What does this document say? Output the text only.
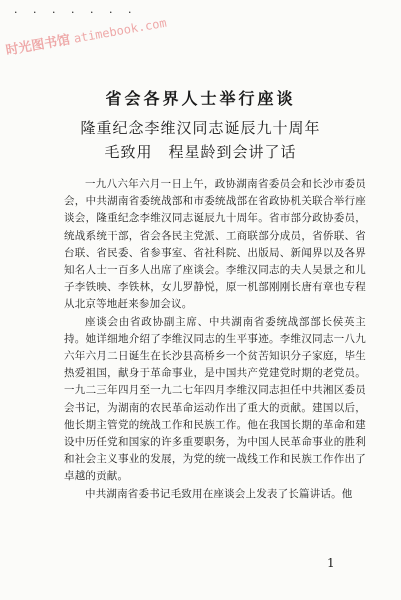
· · · · · · ·
时光图书馆atimebook.com
省会各界人士举行座谈
隆重纪念李维汉同志诞辰九十周年
毛致用　程星龄到会讲了话

一九八六年六月一日上午，政协湖南省委员会和长沙市委员会，中共湖南省委统战部和市委统战部在省政协机关联合举行座谈会，隆重纪念李维汉同志诞辰九十周年。省市部分政协委员，统战系统干部，省会各民主党派、工商联部分成员，省侨联、省台联、省民委、省参事室、省社科院、出版局、新闻界以及各界知名人士一百多人出席了座谈会。李维汉同志的夫人吴景之和儿子李铁映、李铁林，女儿罗静悦，原一机部刚刚长唐有章也专程从北京等地赶来参加会议。

座谈会由省政协副主席、中共湖南省委统战部部长侯英主持。她详细地介绍了李维汉同志的生平事迹。李维汉同志一八九六年六月二日诞生在长沙县高桥乡一个贫苦知识分子家庭，毕生热爱祖国，献身于革命事业，是中国共产党建党时期的老党员。一九二三年四月至一九二七年四月李维汉同志担任中共湘区委员会书记，为湖南的农民革命运动作出了重大的贡献。建国以后，他长期主管党的统战工作和民族工作。他在我国长期的革命和建设中历任党和国家的许多重要职务，为中国人民革命事业的胜利和社会主义事业的发展，为党的统一战线工作和民族工作作出了卓越的贡献。

中共湖南省委书记毛致用在座谈会上发表了长篇讲话。他

1
